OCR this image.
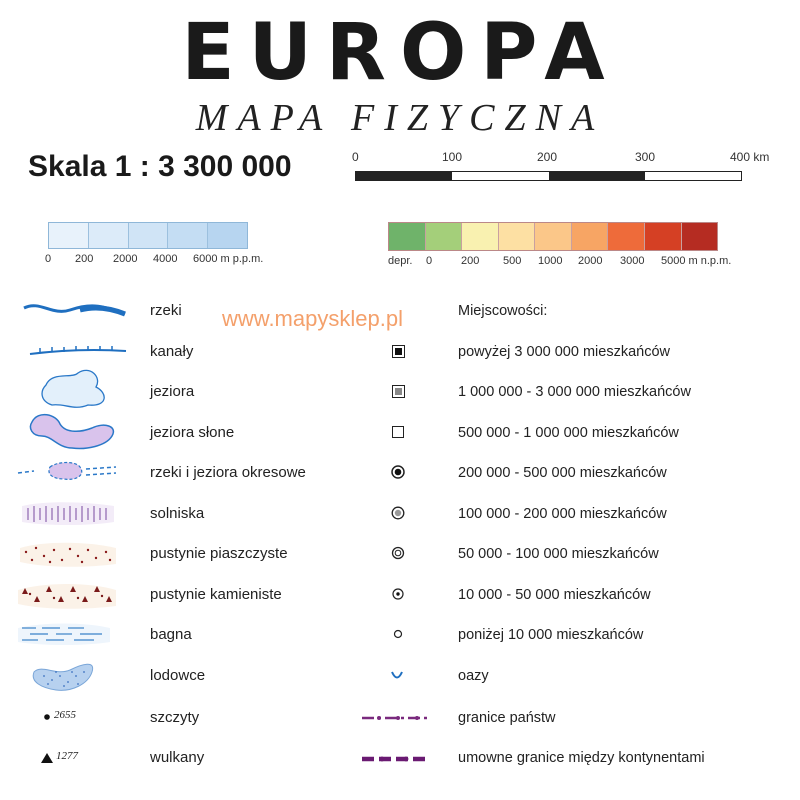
EUROPA
MAPA FIZYCZNA
Skala 1 : 3 300 000	0	100	200	300	400 km
0 200 2000 4000 6000 m p.p.m.	depr. 0	200 500 1000 2000 3000 5000 m n.p.m.
www.mapysklep.pl
2655
1277
rzeki
kanały
jeziora
jeziora słone
rzeki i jeziora okresowe
solniska
pustynie piaszczyste
pustynie kamieniste
bagna
lodowce
szczyty
wulkany
Miejscowości:
powyżej 3 000 000 mieszkańców
1 000 000 - 3 000 000 mieszkańców
500 000 - 1 000 000 mieszkańców
200 000 - 500 000 mieszkańców
100 000 - 200 000 mieszkańców
50 000 - 100 000 mieszkańców
10 000 - 50 000 mieszkańców
poniżej 10 000 mieszkańców
oazy
granice państw
umowne granice między kontynentami
